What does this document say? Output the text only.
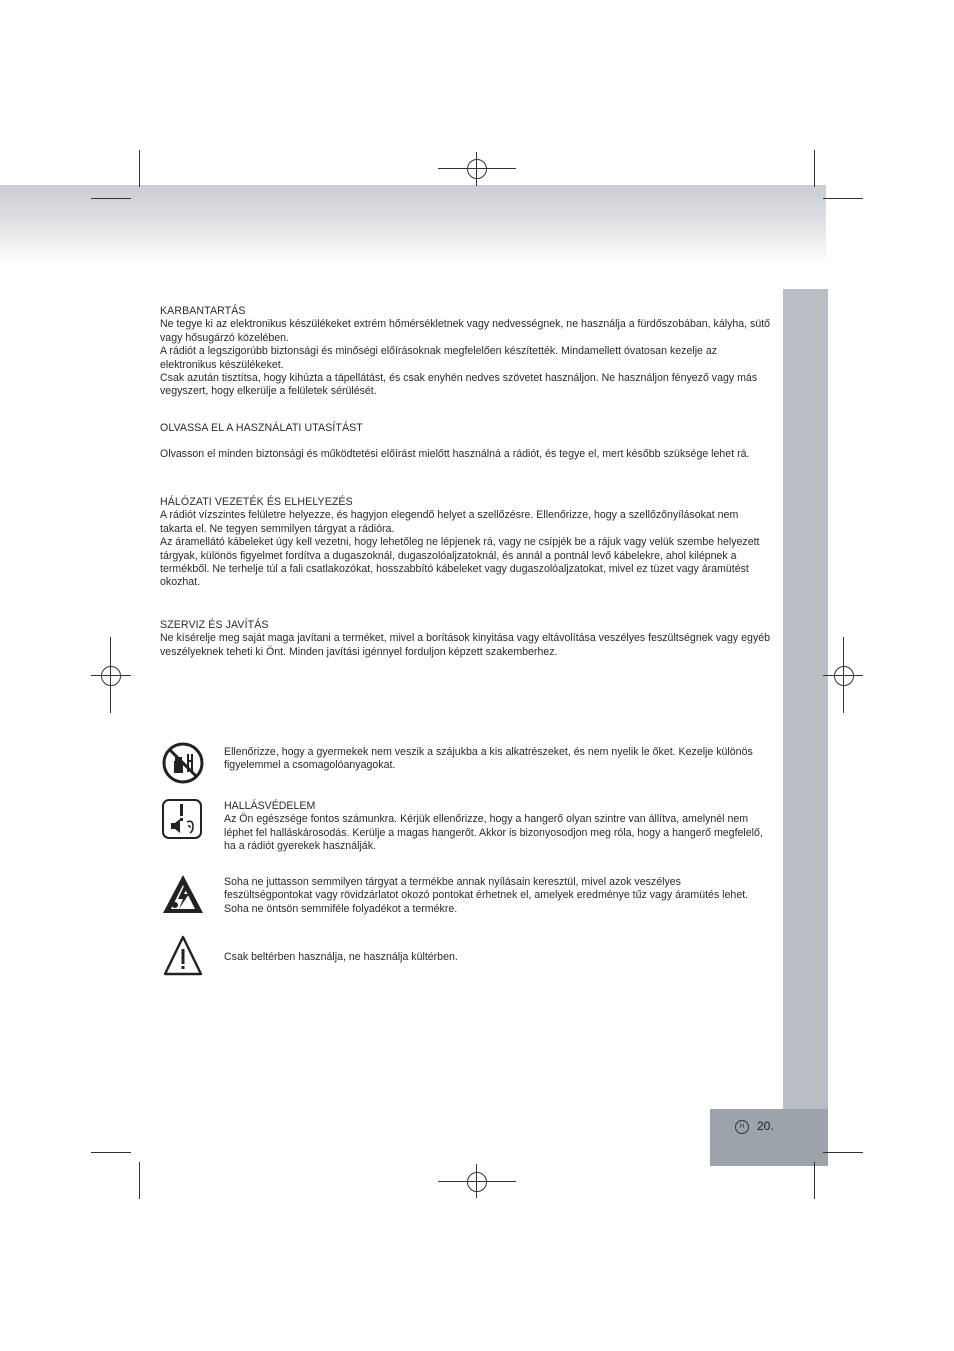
H	20.
KARBANTARTÁS
Ne tegye ki az elektronikus készülékeket extrém hőmérsékletnek vagy nedvességnek, ne használja a fürdőszobában, kályha, sütő vagy hősugárzó közelében.
A rádiót a legszigorúbb biztonsági és minőségi előírásoknak megfelelően készítették. Mindamellett óvatosan kezelje az elektronikus készülékeket.
Csak azután tisztítsa, hogy kihúzta a tápellátást, és csak enyhén nedves szövetet használjon. Ne használjon fényező vagy más vegyszert, hogy elkerülje a felületek sérülését.
OLVASSA EL A HASZNÁLATI UTASÍTÁST
Olvasson el minden biztonsági és működtetési előírást mielőtt használná a rádiót, és tegye el, mert később szüksége lehet rá.
HÁLÓZATI VEZETÉK ÉS ELHELYEZÉS
A rádiót vízszintes felületre helyezze, és hagyjon elegendő helyet a szellőzésre. Ellenőrizze, hogy a szellőzőnyílásokat nem takarta el. Ne tegyen semmilyen tárgyat a rádióra.
Az áramellátó kábeleket úgy kell vezetni, hogy lehetőleg ne lépjenek rá, vagy ne csípjék be a rájuk vagy velük szembe helyezett tárgyak, különös figyelmet fordítva a dugaszoknál, dugaszolóaljzatoknál, és annál a pontnál levő kábelekre, ahol kilépnek a termékből. Ne terhelje túl a fali csatlakozókat, hosszabbító kábeleket vagy dugaszolóaljzatokat, mivel ez tüzet vagy áramütést okozhat.
SZERVIZ ÉS JAVÍTÁS
Ne kísérelje meg saját maga javítani a terméket, mivel a borítások kinyitása vagy eltávolítása veszélyes feszültségnek vagy egyéb veszélyeknek teheti ki Önt. Minden javítási igénnyel forduljon képzett szakemberhez.
Ellenőrizze, hogy a gyermekek nem veszik a szájukba a kis alkatrészeket, és nem nyelik le őket. Kezelje különös figyelemmel a csomagolóanyagokat.
HALLÁSVÉDELEM
Az Ön egészsége fontos számunkra. Kérjük ellenőrizze, hogy a hangerő olyan szintre van állítva, amelynél nem léphet fel halláskárosodás. Kerülje a magas hangerőt. Akkor is bizonyosodjon meg róla, hogy a hangerő megfelelő, ha a rádiót gyerekek használják.
Soha ne juttasson semmilyen tárgyat a termékbe annak nyílásain keresztül, mivel azok veszélyes feszültségpontokat vagy rövidzárlatot okozó pontokat érhetnek el, amelyek eredménye tűz vagy áramütés lehet. Soha ne öntsön semmiféle folyadékot a termékre.
Csak beltérben használja, ne használja kültérben.
